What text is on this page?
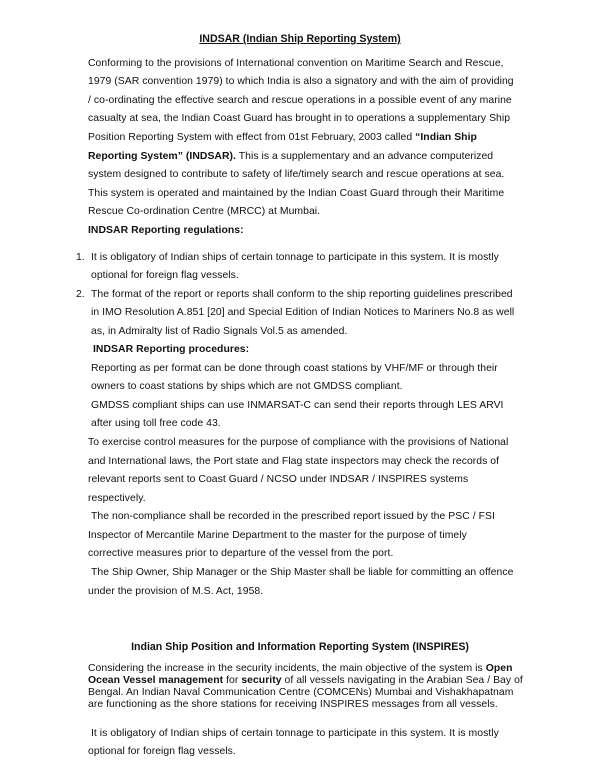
INDSAR (Indian Ship Reporting System)
Conforming to the provisions of International convention on Maritime Search and Rescue,
1979 (SAR convention 1979) to which India is also a signatory and with the aim of providing
/ co-ordinating the effective search and rescue operations in a possible event of any marine
casualty at sea, the Indian Coast Guard has brought in to operations a supplementary Ship
Position Reporting System with effect from 01st February, 2003 called “Indian Ship
Reporting System” (INDSAR). This is a supplementary and an advance computerized
system designed to contribute to safety of life/timely search and rescue operations at sea.
This system is operated and maintained by the Indian Coast Guard through their Maritime
Rescue Co-ordination Centre (MRCC) at Mumbai.
INDSAR Reporting regulations:
1. It is obligatory of Indian ships of certain tonnage to participate in this system. It is mostly
optional for foreign flag vessels.
2. The format of the report or reports shall conform to the ship reporting guidelines prescribed
in IMO Resolution A.851 [20] and Special Edition of Indian Notices to Mariners No.8 as well
as, in Admiralty list of Radio Signals Vol.5 as amended.
INDSAR Reporting procedures:
Reporting as per format can be done through coast stations by VHF/MF or through their
owners to coast stations by ships which are not GMDSS compliant.
GMDSS compliant ships can use INMARSAT-C can send their reports through LES ARVI
after using toll free code 43.
To exercise control measures for the purpose of compliance with the provisions of National
and International laws, the Port state and Flag state inspectors may check the records of
relevant reports sent to Coast Guard / NCSO under INDSAR / INSPIRES systems
respectively.
The non-compliance shall be recorded in the prescribed report issued by the PSC / FSI
Inspector of Mercantile Marine Department to the master for the purpose of timely
corrective measures prior to departure of the vessel from the port.
The Ship Owner, Ship Manager or the Ship Master shall be liable for committing an offence
under the provision of M.S. Act, 1958.
Indian Ship Position and Information Reporting System (INSPIRES)
Considering the increase in the security incidents, the main objective of the system is Open
Ocean Vessel management for security of all vessels navigating in the Arabian Sea / Bay of
Bengal. An Indian Naval Communication Centre (COMCENs) Mumbai and Vishakhapatnam
are functioning as the shore stations for receiving INSPIRES messages from all vessels.
It is obligatory of Indian ships of certain tonnage to participate in this system. It is mostly
optional for foreign flag vessels.
